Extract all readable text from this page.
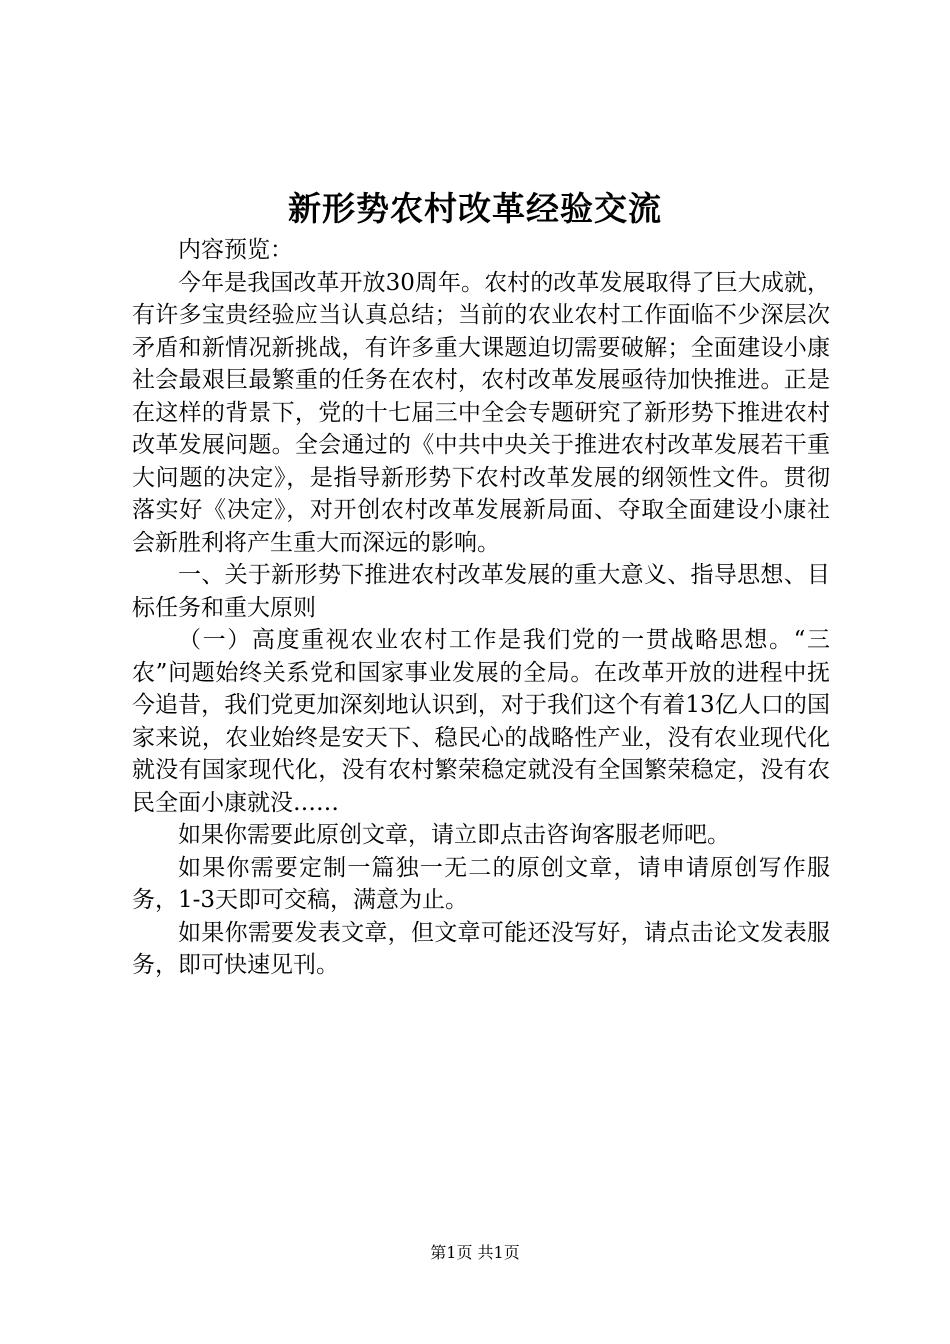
新形势农村改革经验交流

内容预览：

今年是我国改革开放30周年。农村的改革发展取得了巨大成就，有许多宝贵经验应当认真总结；当前的农业农村工作面临不少深层次矛盾和新情况新挑战，有许多重大课题迫切需要破解；全面建设小康社会最艰巨最繁重的任务在农村，农村改革发展亟待加快推进。正是在这样的背景下，党的十七届三中全会专题研究了新形势下推进农村改革发展问题。全会通过的《中共中央关于推进农村改革发展若干重大问题的决定》，是指导新形势下农村改革发展的纲领性文件。贯彻落实好《决定》，对开创农村改革发展新局面、夺取全面建设小康社会新胜利将产生重大而深远的影响。

一、关于新形势下推进农村改革发展的重大意义、指导思想、目标任务和重大原则

（一）高度重视农业农村工作是我们党的一贯战略思想。“三农”问题始终关系党和国家事业发展的全局。在改革开放的进程中抚今追昔，我们党更加深刻地认识到，对于我们这个有着13亿人口的国家来说，农业始终是安天下、稳民心的战略性产业，没有农业现代化就没有国家现代化，没有农村繁荣稳定就没有全国繁荣稳定，没有农民全面小康就没……

如果你需要此原创文章，请立即点击咨询客服老师吧。

如果你需要定制一篇独一无二的原创文章，请申请原创写作服务，1-3天即可交稿，满意为止。

如果你需要发表文章，但文章可能还没写好，请点击论文发表服务，即可快速见刊。

第1页 共1页
